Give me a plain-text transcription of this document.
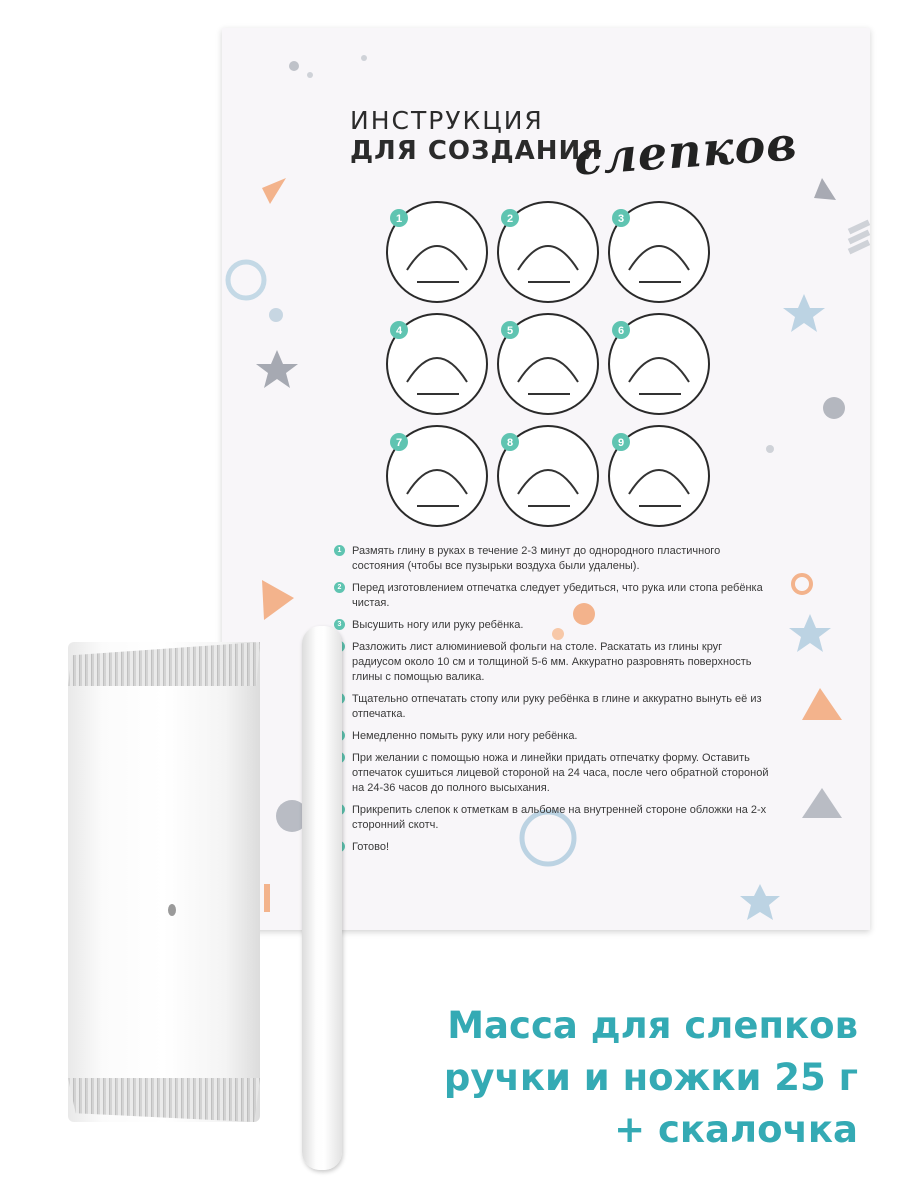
ИНСТРУКЦИЯ
ДЛЯ СОЗДАНИЯ
слепков
1	2	3
4	5	6
7	8	9
1 Размять глину в руках в течение 2-3 минут до однородного пластичного состояния (чтобы все пузырьки воздуха были удалены).
2 Перед изготовлением отпечатка следует убедиться, что рука или стопа ребёнка чистая.
3 Высушить ногу или руку ребёнка.
Разложить лист алюминиевой фольги на столе. Раскатать из глины круг радиусом около 10 см и толщиной 5-6 мм. Аккуратно разровнять поверхность глины с помощью валика.
Тщательно отпечатать стопу или руку ребёнка в глине и аккуратно вынуть её из отпечатка.
Немедленно помыть руку или ногу ребёнка.
При желании с помощью ножа и линейки придать отпечатку форму. Оставить отпечаток сушиться лицевой стороной на 24 часа, после чего обратной стороной на 24-36 часов до полного высыхания.
Прикрепить слепок к отметкам в альбоме на внутренней стороне обложки на 2-х сторонний скотч.
Готово!
Масса для слепков
ручки и ножки 25 г
+ скалочка
